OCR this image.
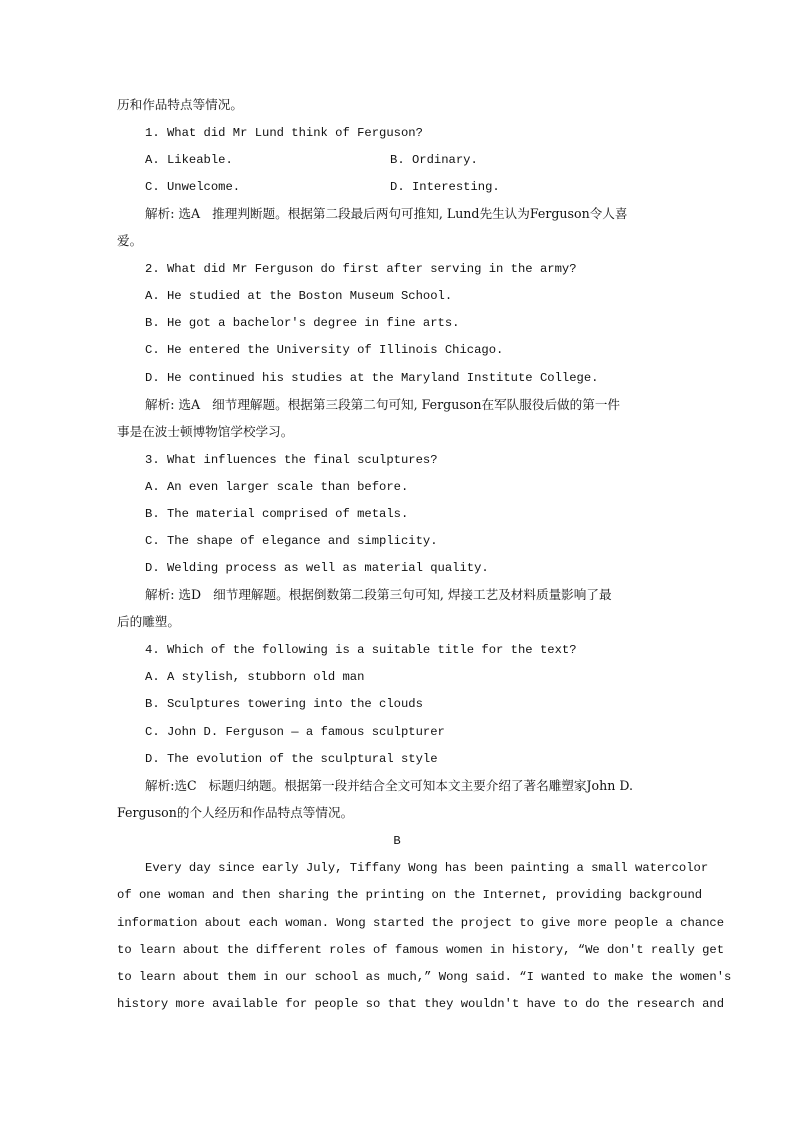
历和作品特点等情况。
1. What did Mr Lund think of Ferguson?
A. Likeable.	B. Ordinary.
C. Unwelcome.	D. Interesting.
解析: 选A   推理判断题。根据第二段最后两句可推知, Lund先生认为Ferguson令人喜
爱。
2. What did Mr Ferguson do first after serving in the army?
A. He studied at the Boston Museum School.
B. He got a bachelor's degree in fine arts.
C. He entered the University of Illinois Chicago.
D. He continued his studies at the Maryland Institute College.
解析: 选A   细节理解题。根据第三段第二句可知, Ferguson在军队服役后做的第一件
事是在波士顿博物馆学校学习。
3. What influences the final sculptures?
A. An even larger scale than before.
B. The material comprised of metals.
C. The shape of elegance and simplicity.
D. Welding process as well as material quality.
解析: 选D   细节理解题。根据倒数第二段第三句可知, 焊接工艺及材料质量影响了最
后的雕塑。
4. Which of the following is a suitable title for the text?
A. A stylish, stubborn old man
B. Sculptures towering into the clouds
C. John D. Ferguson — a famous sculpturer
D. The evolution of the sculptural style
解析:选C   标题归纳题。根据第一段并结合全文可知本文主要介绍了著名雕塑家John D.
Ferguson的个人经历和作品特点等情况。
B
Every day since early July, Tiffany Wong has been painting a small watercolor
of one woman and then sharing the printing on the Internet, providing background
information about each woman. Wong started the project to give more people a chance
to learn about the different roles of famous women in history, “We don't really get
to learn about them in our school as much,” Wong said. “I wanted to make the women's
history more available for people so that they wouldn't have to do the research and
